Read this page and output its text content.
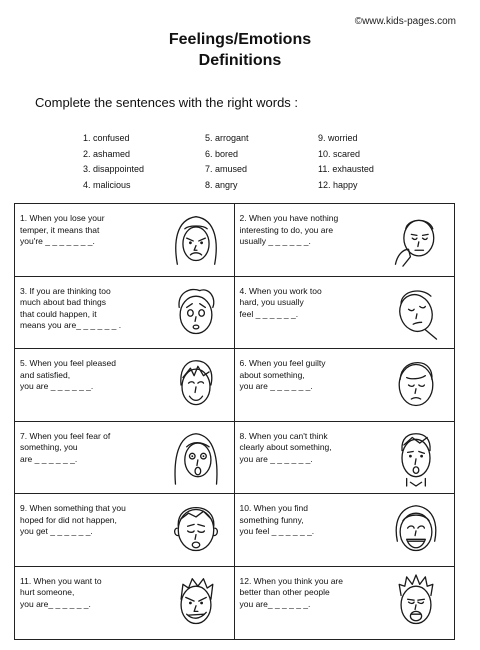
©www.kids-pages.com
Feelings/Emotions
Definitions
Complete the sentences with the right words :
1. confused
2. ashamed
3. disappointed
4. malicious
5. arrogant
6. bored
7. amused
8. angry
9. worried
10. scared
11. exhausted
12. happy
1. When you lose your
temper, it means that
you're _ _ _ _ _ _ _.
2. When you have nothing
interesting to do, you are
usually _ _ _ _ _ _.
3. If you are thinking too
much about bad things
that could happen, it
means you are_ _ _ _ _ _ .
4. When you work too
hard, you usually
feel _ _ _ _ _ _.
5. When you feel pleased
and satisfied,
you are _ _ _ _ _ _.
6. When you feel guilty
about something,
you are _ _ _ _ _ _.
7. When you feel fear of
something, you
are _ _ _ _ _ _.
8. When you can't think
clearly about something,
you are _ _ _ _ _ _.
9. When something that you
hoped for did not happen,
you get _ _ _ _ _ _.
10. When you find
something funny,
you feel _ _ _ _ _ _.
11. When you want to
hurt someone,
you are_ _ _ _ _ _.
12. When you think you are
better than other people
you are_ _ _ _ _ _.
